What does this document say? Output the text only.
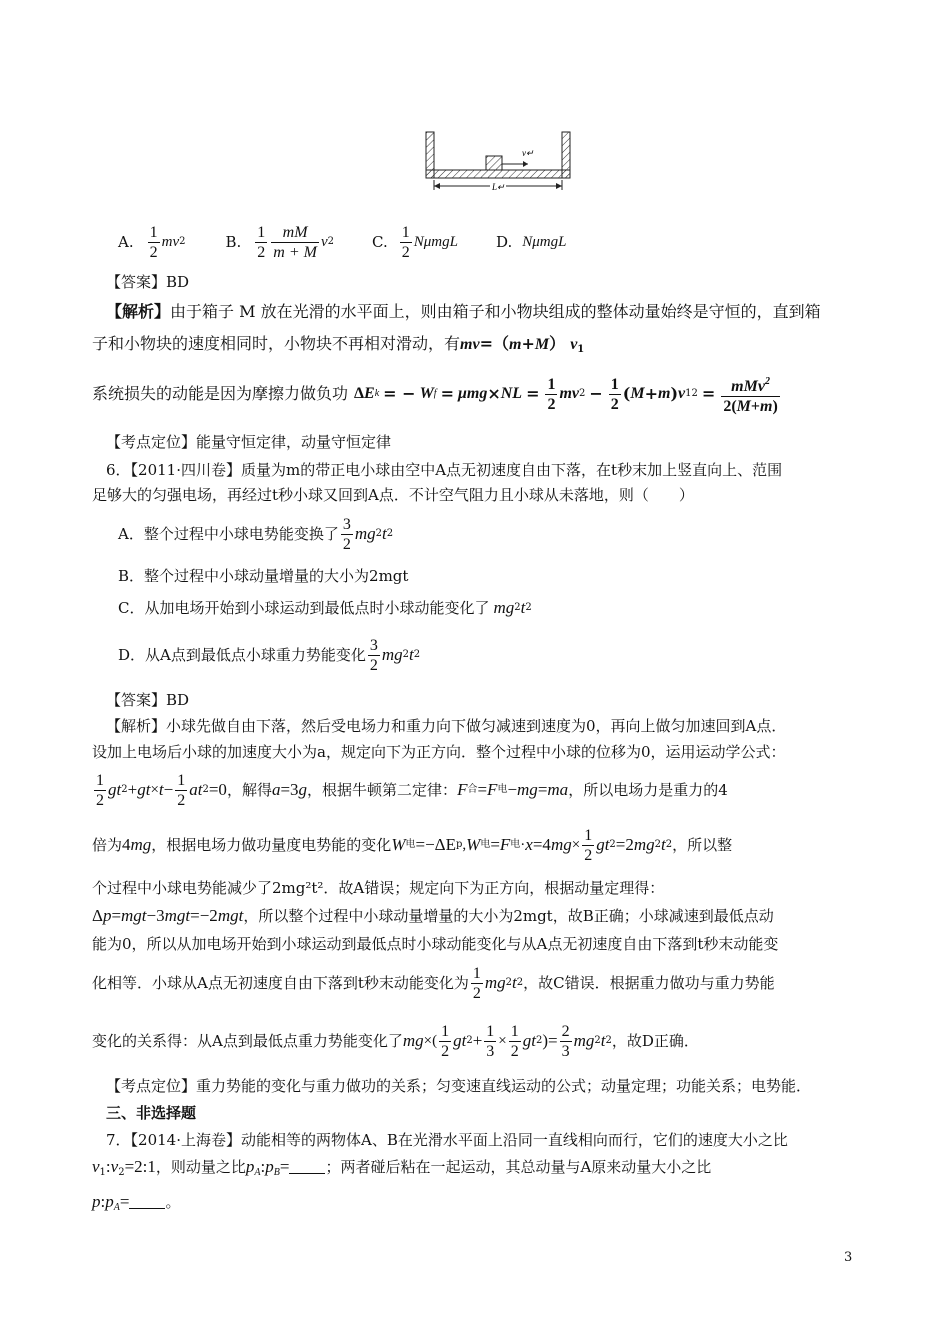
v↵
L↵
A. $\frac{1}{2}$ mv 2	B. $\frac{1}{2} \frac{mM}{m + M}$ v 2	C. $\frac{1}{2}$ NμmgL	D. NμmgL
【答案】BD
【解析】由于箱子 M 放在光滑的水平面上，则由箱子和小物块组成的整体动量始终是守恒的，直到箱
子和小物块的速度相同时，小物块不再相对滑动，有mv=（m+M） $v_1$
系统损失的动能是因为摩擦力做负功 Δ E k = − W f = μmg × NL = $\frac{1}{2}$ mv $2 - \frac{1}{2}$ ( M + m ) v 1 $2 = \frac{mMv^2}{2(M+m)}$
【考点定位】能量守恒定律，动量守恒定律
6．【2011·四川卷】质量为m的带正电小球由空中A点无初速度自由下落，在t秒末加上竖直向上、范围
足够大的匀强电场，再经过t秒小球又回到A点．不计空气阻力且小球从未落地，则（　　）
A．整个过程中小球电势能变换了 $\frac{3}{2}$ mg 2 t 2
B．整个过程中小球动量增量的大小为2mgt
C．从加电场开始到小球运动到最低点时小球动能变化了 mg 2 t 2
D．从A点到最低点小球重力势能变化 $\frac{3}{2}$ mg 2 t 2
【答案】BD
【解析】小球先做自由下落，然后受电场力和重力向下做匀减速到速度为0，再向上做匀加速回到A点．
设加上电场后小球的加速度大小为a，规定向下为正方向．整个过程中小球的位移为0，运用运动学公式：
$\frac{1}{2}$ gt 2 + gt × $t - \frac{1}{2}$ at 2 =0 ，解得 a =3 g ，根据牛顿第二定律： F 合 = F 电 − mg = ma ，所以电场力是重力的4
倍为 4 mg ，根据电场力做功量度电势能的变化 W 电 =−ΔE p , W 电 = F 电 · x =4 mg × $\frac{1}{2}$ gt 2 =2 mg 2 t 2 ，所以整
个过程中小球电势能减少了2mg²t²．故A错误；规定向下为正方向，根据动量定理得：
Δp=mgt−3mgt=−2mgt，所以整个过程中小球动量增量的大小为2mgt，故B正确；小球减速到最低点动
能为0，所以从加电场开始到小球运动到最低点时小球动能变化与从A点无初速度自由下落到t秒末动能变
化相等．小球从A点无初速度自由下落到t秒末动能变化为 $\frac{1}{2}$ mg 2 t 2 ，故C错误．根据重力做功与重力势能
变化的关系得：从A点到最低点重力势能变化了 mg ×( $\frac{1}{2}$ gt $2 + \frac{1}{3} \times \frac{1}{2}$ gt 2 )= $\frac{2}{3}$ mg 2 t 2 ，故D正确．
【考点定位】重力势能的变化与重力做功的关系；匀变速直线运动的公式；动量定理；功能关系；电势能．
三、非选择题
7．【2014·上海卷】动能相等的两物体A、B在光滑水平面上沿同一直线相向而行，它们的速度大小之比
$v_1:v_2=2:1$，则动量之比$p_A:p_B=$ ；两者碰后粘在一起运动，其总动量与A原来动量大小之比
$p:p_A=$ 。
3
